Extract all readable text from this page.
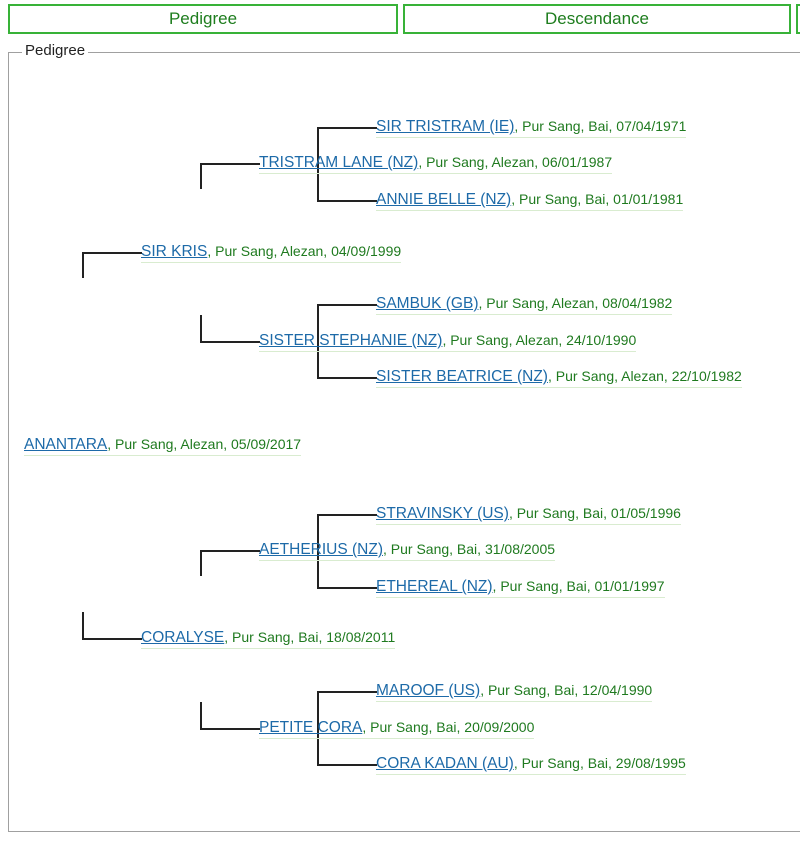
Pedigree	Descendance
Pedigree
SIR TRISTRAM (IE), Pur Sang, Bai, 07/04/1971
ANNIE BELLE (NZ), Pur Sang, Bai, 01/01/1981
SAMBUK (GB), Pur Sang, Alezan, 08/04/1982
SISTER BEATRICE (NZ), Pur Sang, Alezan, 22/10/1982
STRAVINSKY (US), Pur Sang, Bai, 01/05/1996
ETHEREAL (NZ), Pur Sang, Bai, 01/01/1997
MAROOF (US), Pur Sang, Bai, 12/04/1990
CORA KADAN (AU), Pur Sang, Bai, 29/08/1995
TRISTRAM LANE (NZ), Pur Sang, Alezan, 06/01/1987
SISTER STEPHANIE (NZ), Pur Sang, Alezan, 24/10/1990
AETHERIUS (NZ), Pur Sang, Bai, 31/08/2005
PETITE CORA, Pur Sang, Bai, 20/09/2000
SIR KRIS, Pur Sang, Alezan, 04/09/1999
CORALYSE, Pur Sang, Bai, 18/08/2011
ANANTARA, Pur Sang, Alezan, 05/09/2017
